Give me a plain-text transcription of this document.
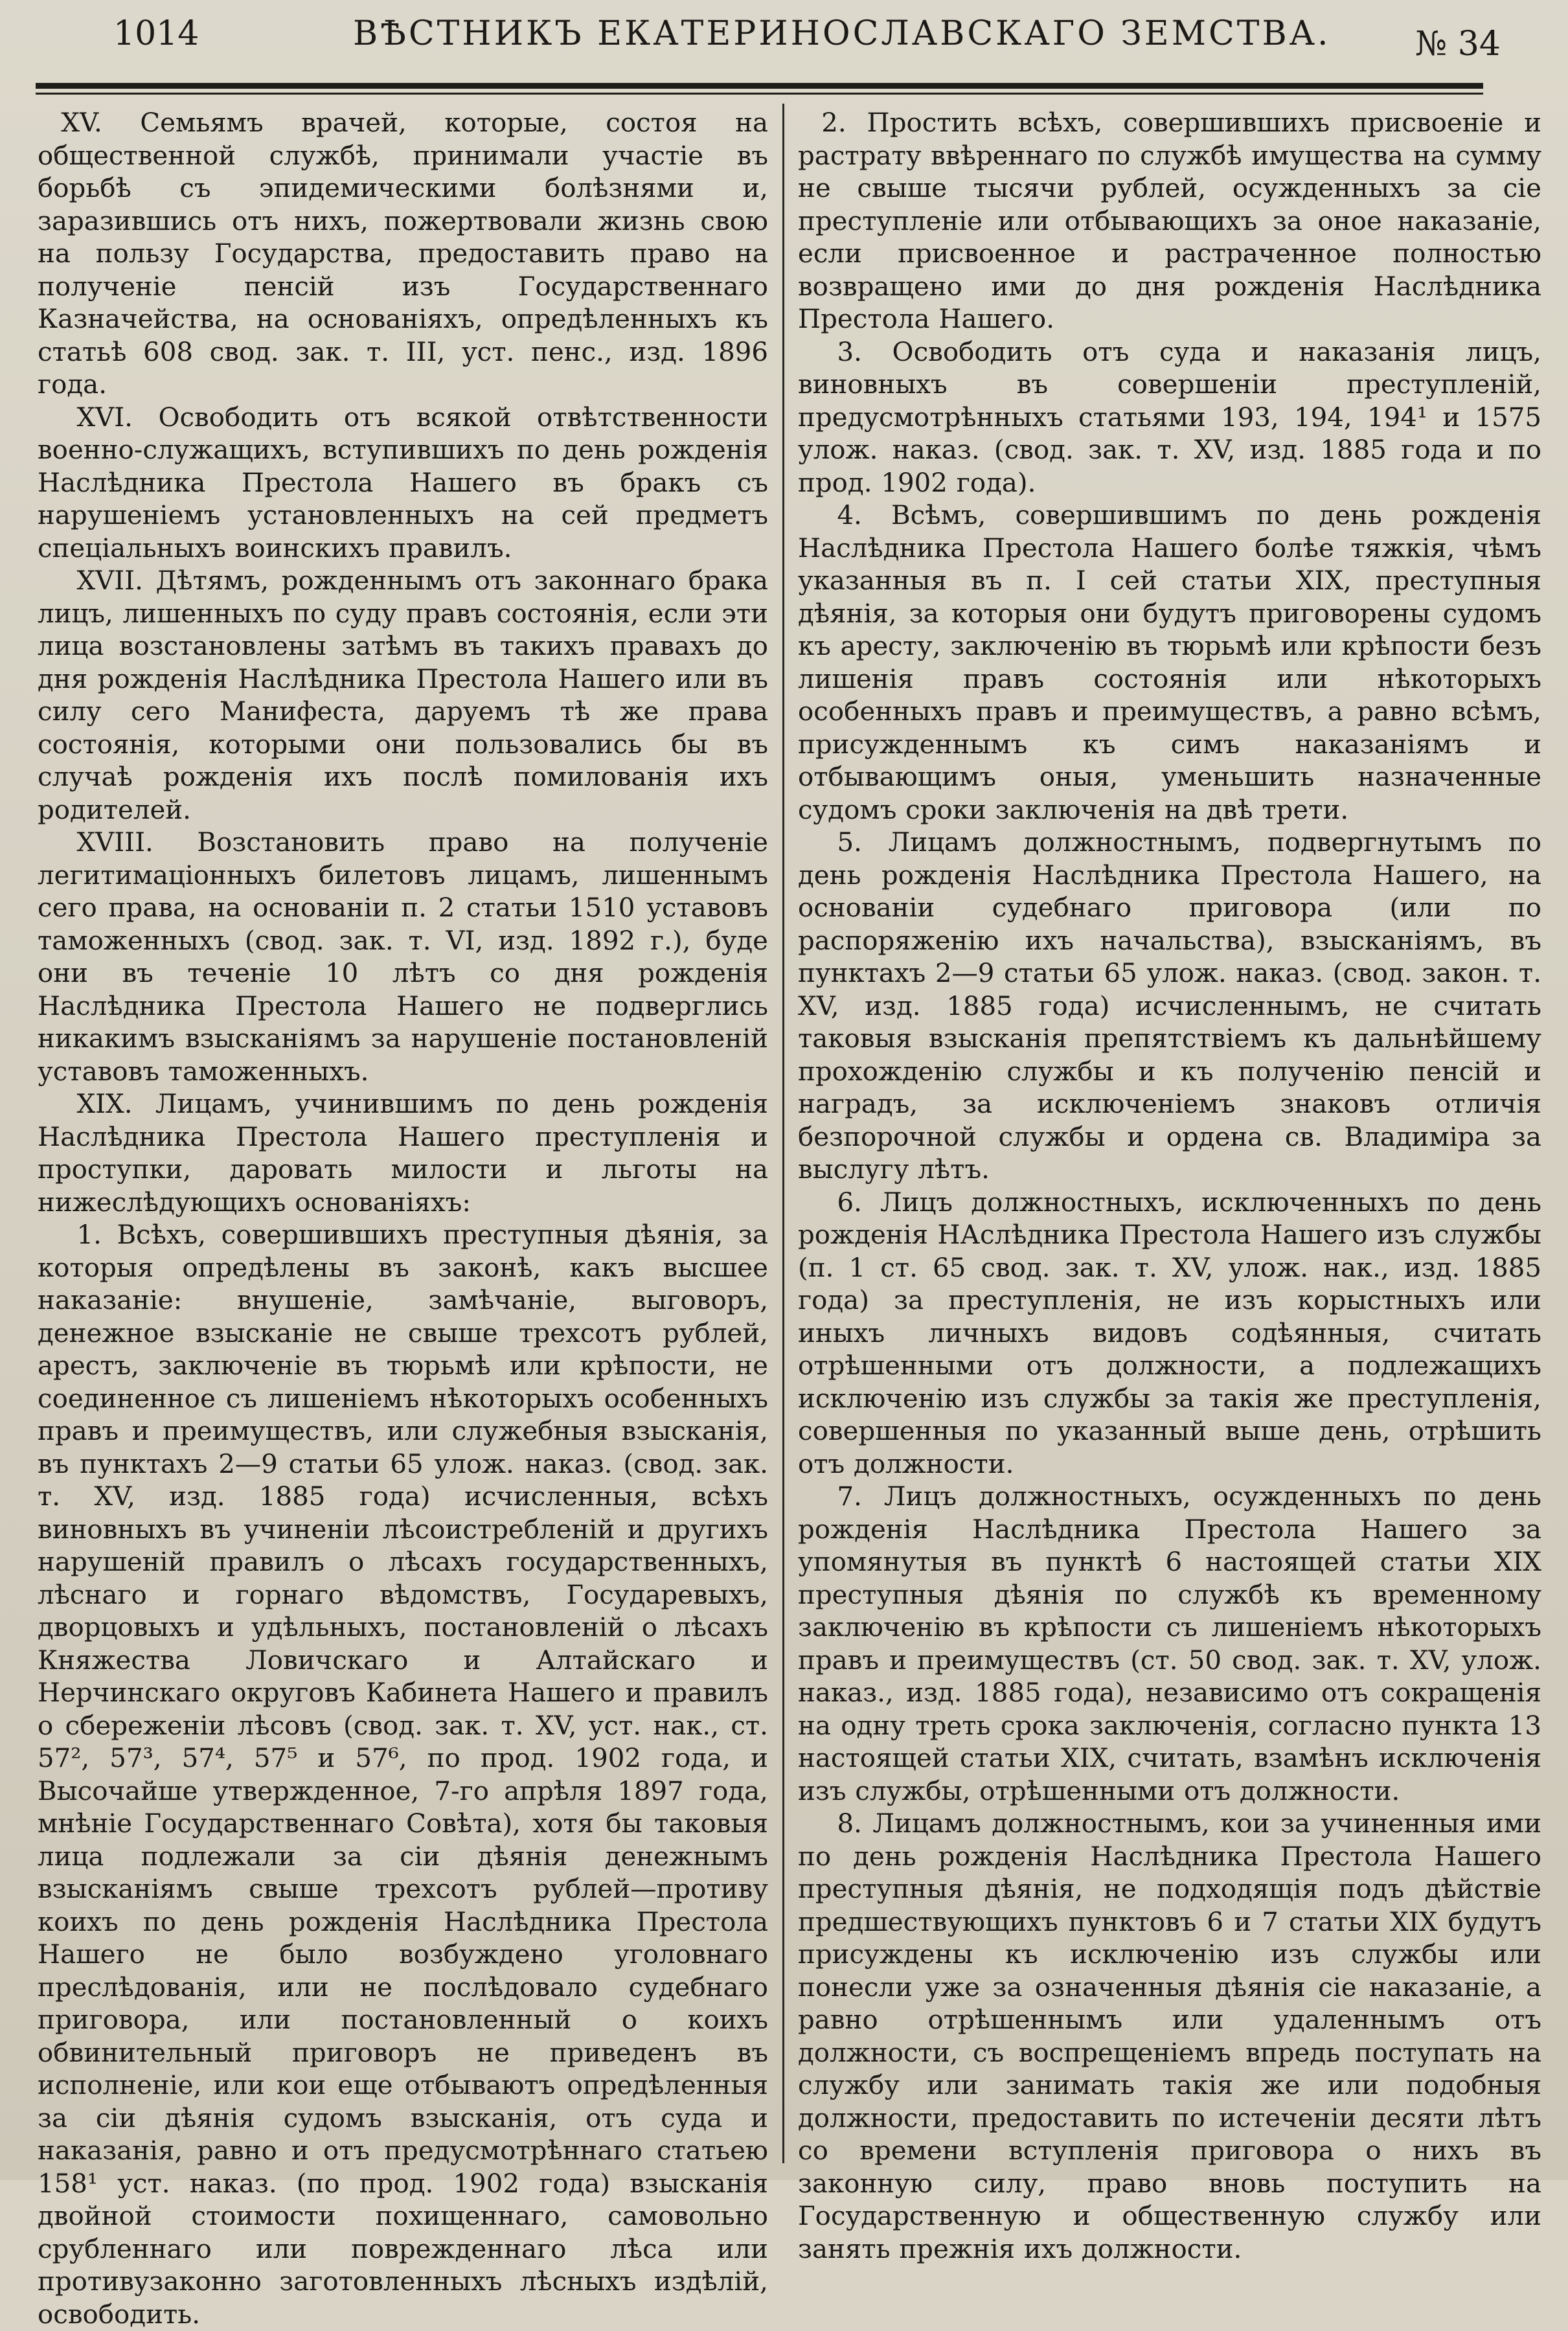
1014	ВѢСТНИКЪ ЕКАТЕРИНОСЛАВСКАГО ЗЕМСТВА.	№ 34

XV. Семьямъ врачей, которые, состоя на общественной службѣ, принимали участіе въ борьбѣ съ эпидемическими болѣзнями и, заразившись отъ нихъ, пожертвовали жизнь свою на пользу Государства, предоставить право на полученіе пенсій изъ Государственнаго Казначейства, на основаніяхъ, опредѣленныхъ къ статьѣ 608 свод. зак. т. III, уст. пенс., изд. 1896 года.

XVI. Освободить отъ всякой отвѣтственности военно-служащихъ, вступившихъ по день рожденія Наслѣдника Престола Нашего въ бракъ съ нарушеніемъ установленныхъ на сей предметъ спеціальныхъ воинскихъ правилъ.

XVII. Дѣтямъ, рожденнымъ отъ законнаго брака лицъ, лишенныхъ по суду правъ состоянія, если эти лица возстановлены затѣмъ въ такихъ правахъ до дня рожденія Наслѣдника Престола Нашего или въ силу сего Манифеста, даруемъ тѣ же права состоянія, которыми они пользовались бы въ случаѣ рожденія ихъ послѣ помилованія ихъ родителей.

XVIII. Возстановить право на полученіе легитимаціонныхъ билетовъ лицамъ, лишеннымъ сего права, на основаніи п. 2 статьи 1510 уставовъ таможенныхъ (свод. зак. т. VI, изд. 1892 г.), буде они въ теченіе 10 лѣтъ со дня рожденія Наслѣдника Престола Нашего не подверглись никакимъ взысканіямъ за нарушеніе постановленій уставовъ таможенныхъ.

XIX. Лицамъ, учинившимъ по день рожденія Наслѣдника Престола Нашего преступленія и проступки, даровать милости и льготы на нижеслѣдующихъ основаніяхъ:

1. Всѣхъ, совершившихъ преступныя дѣянія, за которыя опредѣлены въ законѣ, какъ высшее наказаніе: внушеніе, замѣчаніе, выговоръ, денежное взысканіе не свыше трехсотъ рублей, арестъ, заключеніе въ тюрьмѣ или крѣпости, не соединенное съ лишеніемъ нѣкоторыхъ особенныхъ правъ и преимуществъ, или служебныя взысканія, въ пунктахъ 2—9 статьи 65 улож. наказ. (свод. зак. т. XV, изд. 1885 года) исчисленныя, всѣхъ виновныхъ въ учиненіи лѣсоистребленій и другихъ нарушеній правилъ о лѣсахъ государственныхъ, лѣснаго и горнаго вѣдомствъ, Государевыхъ, дворцовыхъ и удѣльныхъ, постановленій о лѣсахъ Княжества Ловичскаго и Алтайскаго и Нерчинскаго округовъ Кабинета Нашего и правилъ о сбереженіи лѣсовъ (свод. зак. т. XV, уст. нак., ст. 57², 57³, 57⁴, 57⁵ и 57⁶, по прод. 1902 года, и Высочайше утвержденное, 7-го апрѣля 1897 года, мнѣніе Государственнаго Совѣта), хотя бы таковыя лица подлежали за сіи дѣянія денежнымъ взысканіямъ свыше трехсотъ рублей—противу коихъ по день рожденія Наслѣдника Престола Нашего не было возбуждено уголовнаго преслѣдованія, или не послѣдовало судебнаго приговора, или постановленный о коихъ обвинительный приговоръ не приведенъ въ исполненіе, или кои еще отбываютъ опредѣленныя за сіи дѣянія судомъ взысканія, отъ суда и наказанія, равно и отъ предусмотрѣннаго статьею 158¹ уст. наказ. (по прод. 1902 года) взысканія двойной стоимости похищеннаго, самовольно срубленнаго или поврежденнаго лѣса или противузаконно заготовленныхъ лѣсныхъ издѣлій, освободить.

2. Простить всѣхъ, совершившихъ присвоеніе и растрату ввѣреннаго по службѣ имущества на сумму не свыше тысячи рублей, осужденныхъ за сіе преступленіе или отбывающихъ за оное наказаніе, если присвоенное и растраченное полностью возвращено ими до дня рожденія Наслѣдника Престола Нашего.

3. Освободить отъ суда и наказанія лицъ, виновныхъ въ совершеніи преступленій, предусмотрѣнныхъ статьями 193, 194, 194¹ и 1575 улож. наказ. (свод. зак. т. XV, изд. 1885 года и по прод. 1902 года).

4. Всѣмъ, совершившимъ по день рожденія Наслѣдника Престола Нашего болѣе тяжкія, чѣмъ указанныя въ п. I сей статьи XIX, преступныя дѣянія, за которыя они будутъ приговорены судомъ къ аресту, заключенію въ тюрьмѣ или крѣпости безъ лишенія правъ состоянія или нѣкоторыхъ особенныхъ правъ и преимуществъ, а равно всѣмъ, присужденнымъ къ симъ наказаніямъ и отбывающимъ оныя, уменьшить назначенные судомъ сроки заключенія на двѣ трети.

5. Лицамъ должностнымъ, подвергнутымъ по день рожденія Наслѣдника Престола Нашего, на основаніи судебнаго приговора (или по распоряженію ихъ начальства), взысканіямъ, въ пунктахъ 2—9 статьи 65 улож. наказ. (свод. закон. т. XV, изд. 1885 года) исчисленнымъ, не считать таковыя взысканія препятствіемъ къ дальнѣйшему прохожденію службы и къ полученію пенсій и наградъ, за исключеніемъ знаковъ отличія безпорочной службы и ордена св. Владиміра за выслугу лѣтъ.

6. Лицъ должностныхъ, исключенныхъ по день рожденія НАслѣдника Престола Нашего изъ службы (п. 1 ст. 65 свод. зак. т. XV, улож. нак., изд. 1885 года) за преступленія, не изъ корыстныхъ или иныхъ личныхъ видовъ содѣянныя, считать отрѣшенными отъ должности, а подлежащихъ исключенію изъ службы за такія же преступленія, совершенныя по указанный выше день, отрѣшить отъ должности.

7. Лицъ должностныхъ, осужденныхъ по день рожденія Наслѣдника Престола Нашего за упомянутыя въ пунктѣ 6 настоящей статьи XIX преступныя дѣянія по службѣ къ временному заключенію въ крѣпости съ лишеніемъ нѣкоторыхъ правъ и преимуществъ (ст. 50 свод. зак. т. XV, улож. наказ., изд. 1885 года), независимо отъ сокращенія на одну треть срока заключенія, согласно пункта 13 настоящей статьи XIX, считать, взамѣнъ исключенія изъ службы, отрѣшенными отъ должности.

8. Лицамъ должностнымъ, кои за учиненныя ими по день рожденія Наслѣдника Престола Нашего преступныя дѣянія, не подходящія подъ дѣйствіе предшествующихъ пунктовъ 6 и 7 статьи XIX будутъ присуждены къ исключенію изъ службы или понесли уже за означенныя дѣянія сіе наказаніе, а равно отрѣшеннымъ или удаленнымъ отъ должности, съ воспрещеніемъ впредь поступать на службу или занимать такія же или подобныя должности, предоставить по истеченіи десяти лѣтъ со времени вступленія приговора о нихъ въ законную силу, право вновь поступить на Государственную и общественную службу или занять прежнія ихъ должности.
